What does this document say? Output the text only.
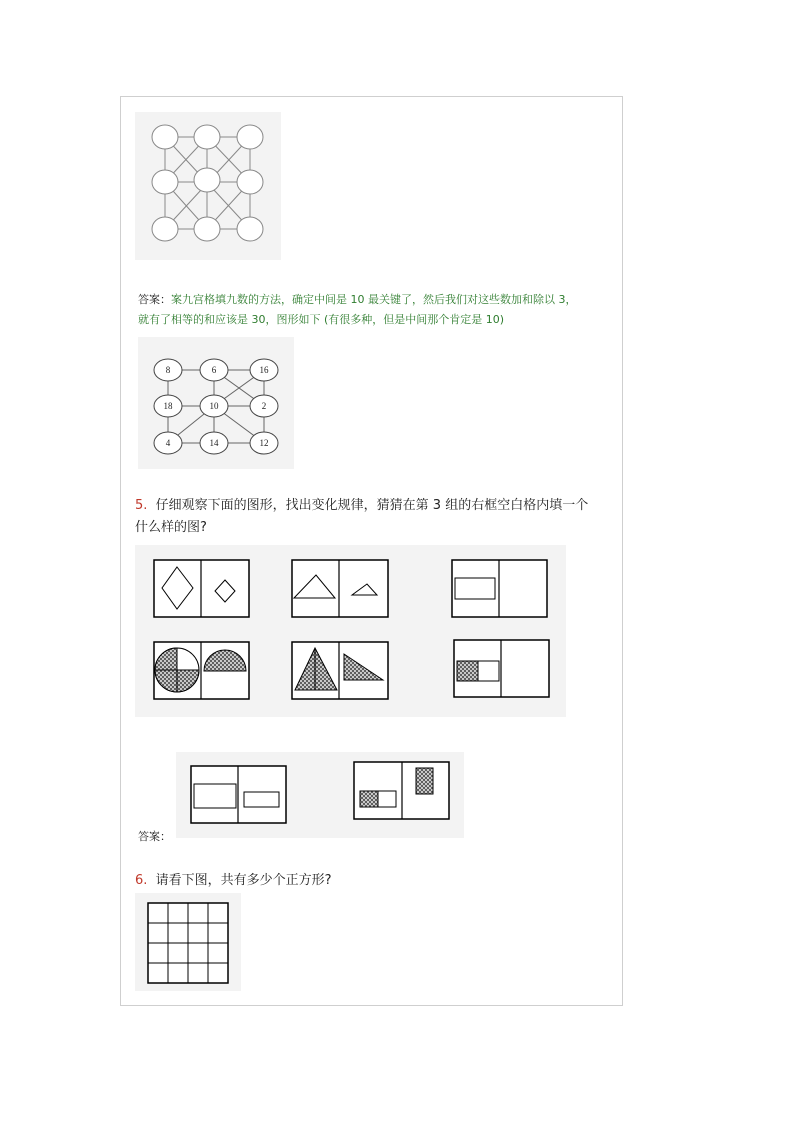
答案：案九宫格填九数的方法，确定中间是 10 最关键了，然后我们对这些数加和除以 3，
就有了相等的和应该是 30，图形如下 (有很多种，但是中间那个肯定是 10)
8	6	16
18	10	2
4	14	12
5. 仔细观察下面的图形，找出变化规律，猜猜在第 3 组的右框空白格内填一个
什么样的图?
答案：
6. 请看下图，共有多少个正方形?
